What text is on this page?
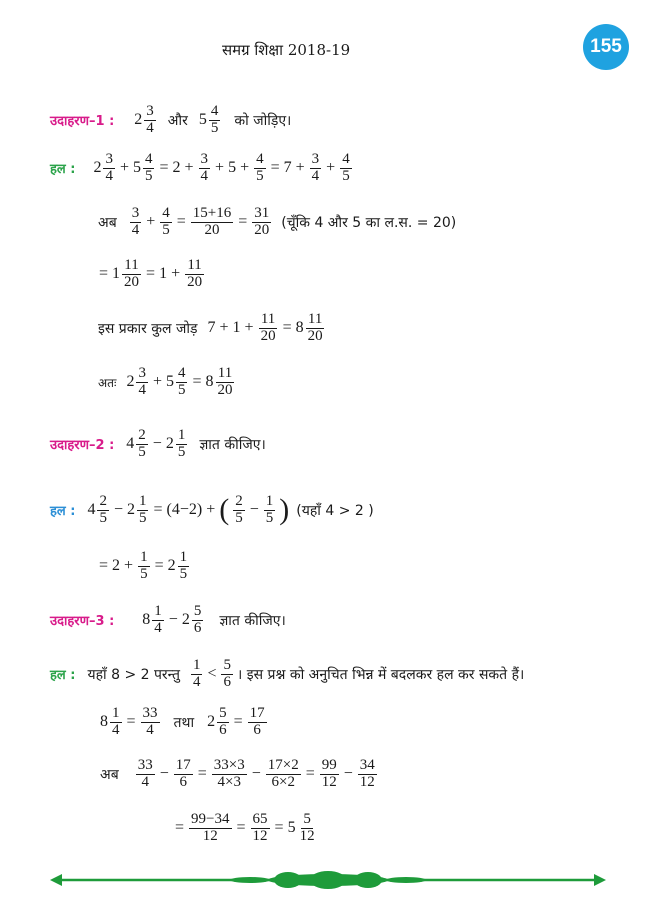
समग्र शिक्षा 2018-19	155
उदाहरण–1 : $2 \frac{3}{4}$ और $5 \frac{4}{5}$ को जोड़िए।
हल : $2 \frac{3}{4} + 5 \frac{4}{5} = 2 + \frac{3}{4} + 5 + \frac{4}{5} = 7 + \frac{3}{4} + \frac{4}{5}$
अब $\frac{3}{4} + \frac{4}{5} = \frac{15+16}{20} = \frac{31}{20}$ (चूँकि 4 और 5 का ल.स. = 20)
= $1 \frac{11}{20} = 1 + \frac{11}{20}$
इस प्रकार कुल जोड़ $7 + 1 + \frac{11}{20} = 8 \frac{11}{20}$
अतः $2 \frac{3}{4} + 5 \frac{4}{5} = 8 \frac{11}{20}$
उदाहरण–2 : $4 \frac{2}{5} - 2 \frac{1}{5}$ ज्ञात कीजिए।
हल : $4 \frac{2}{5} - 2 \frac{1}{5} = (4-2)$ + ( $\frac{2}{5} - \frac{1}{5}$ ) (यहाँ 4 > 2 )
= $2 + \frac{1}{5} = 2 \frac{1}{5}$
उदाहरण–3 : $8 \frac{1}{4} - 2 \frac{5}{6}$ ज्ञात कीजिए।
हल : यहाँ 8 > 2 परन्तु $\frac{1}{4} < \frac{5}{6}$ । इस प्रश्न को अनुचित भिन्न में बदलकर हल कर सकते हैं।
$8 \frac{1}{4} = \frac{33}{4}$ तथा $2 \frac{5}{6} = \frac{17}{6}$
अब $\frac{33}{4} - \frac{17}{6} = \frac{33\times 3}{4\times 3} - \frac{17\times 2}{6\times 2} = \frac{99}{12} - \frac{34}{12}$
= $\frac{99-34}{12} = \frac{65}{12} = 5 \frac{5}{12}$
